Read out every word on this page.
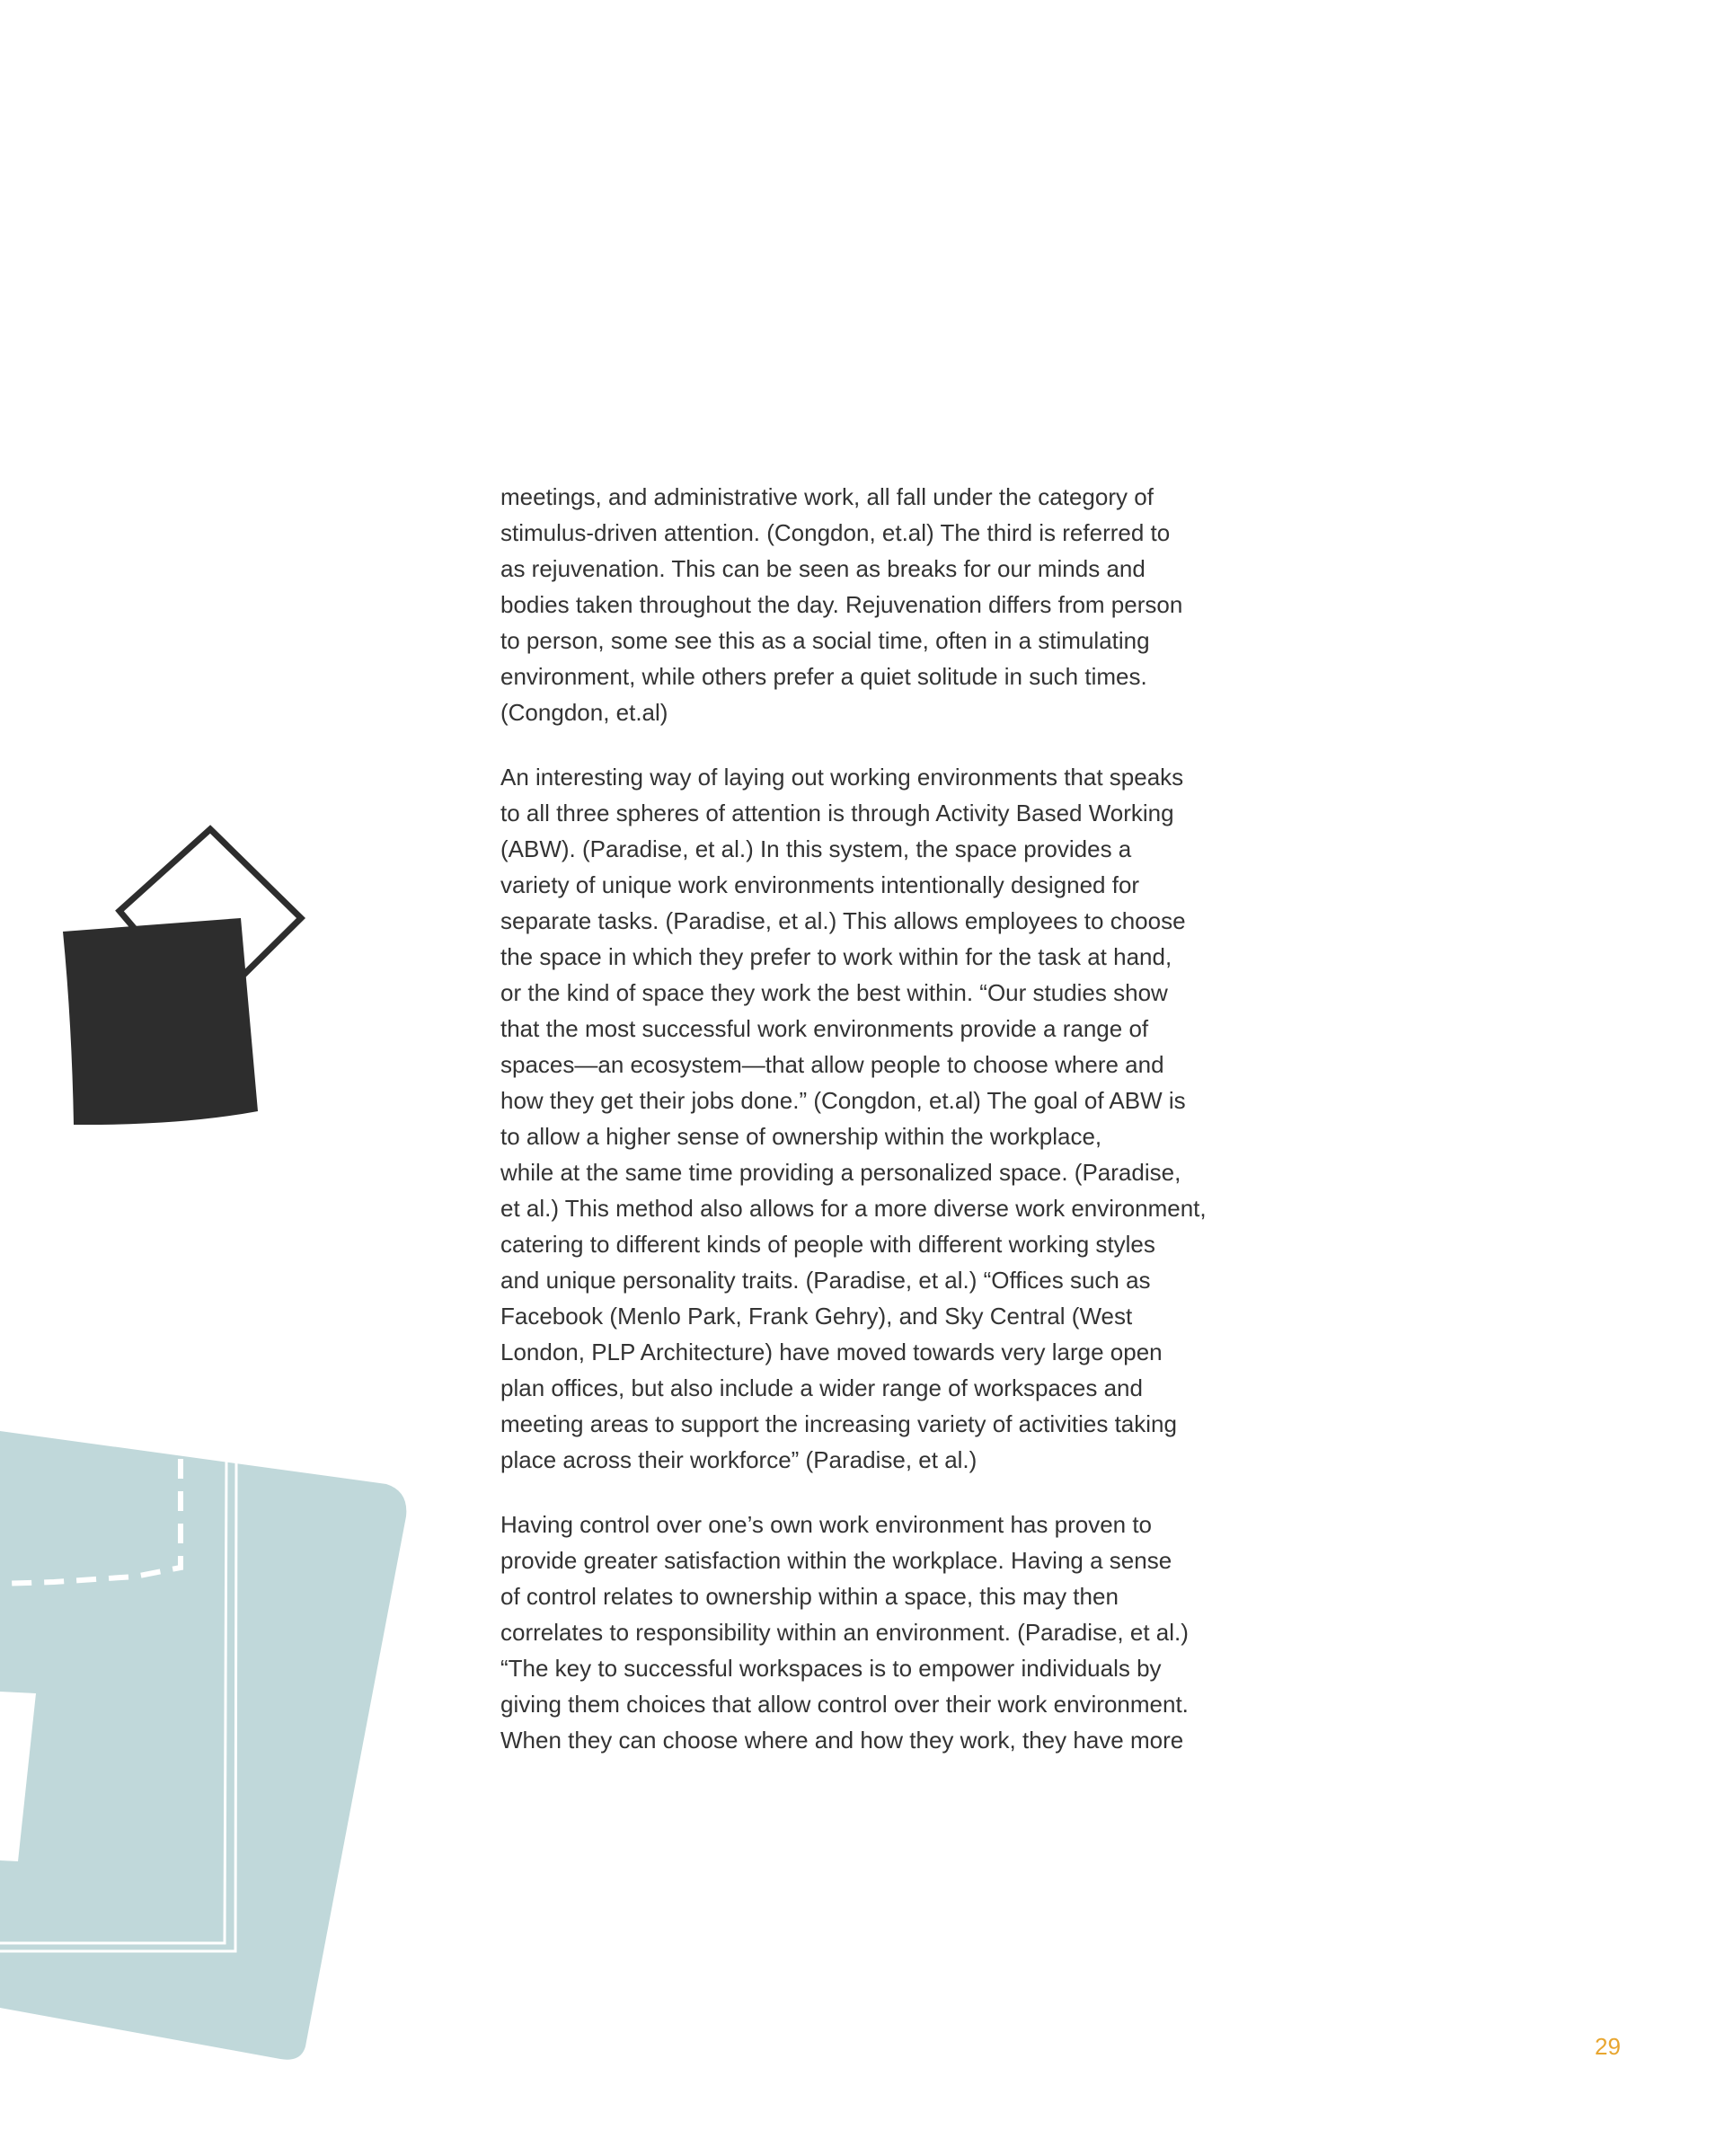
meetings, and administrative work, all fall under the category of
stimulus-driven attention. (Congdon, et.al) The third is referred to
as rejuvenation. This can be seen as breaks for our minds and
bodies taken throughout the day. Rejuvenation differs from person
to person, some see this as a social time, often in a stimulating
environment, while others prefer a quiet solitude in such times.
(Congdon, et.al)

An interesting way of laying out working environments that speaks
to all three spheres of attention is through Activity Based Working
(ABW). (Paradise, et al.) In this system, the space provides a
variety of unique work environments intentionally designed for
separate tasks. (Paradise, et al.) This allows employees to choose
the space in which they prefer to work within for the task at hand,
or the kind of space they work the best within. “Our studies show
that the most successful work environments provide a range of
spaces—an ecosystem—that allow people to choose where and
how they get their jobs done.” (Congdon, et.al) The goal of ABW is
to allow a higher sense of ownership within the workplace,
while at the same time providing a personalized space. (Paradise,
et al.) This method also allows for a more diverse work environment,
catering to different kinds of people with different working styles
and unique personality traits. (Paradise, et al.) “Offices such as
Facebook (Menlo Park, Frank Gehry), and Sky Central (West
London, PLP Architecture) have moved towards very large open
plan offices, but also include a wider range of workspaces and
meeting areas to support the increasing variety of activities taking
place across their workforce” (Paradise, et al.)

Having control over one’s own work environment has proven to
provide greater satisfaction within the workplace. Having a sense
of control relates to ownership within a space, this may then
correlates to responsibility within an environment. (Paradise, et al.)
“The key to successful workspaces is to empower individuals by
giving them choices that allow control over their work environment.
When they can choose where and how they work, they have more

29
